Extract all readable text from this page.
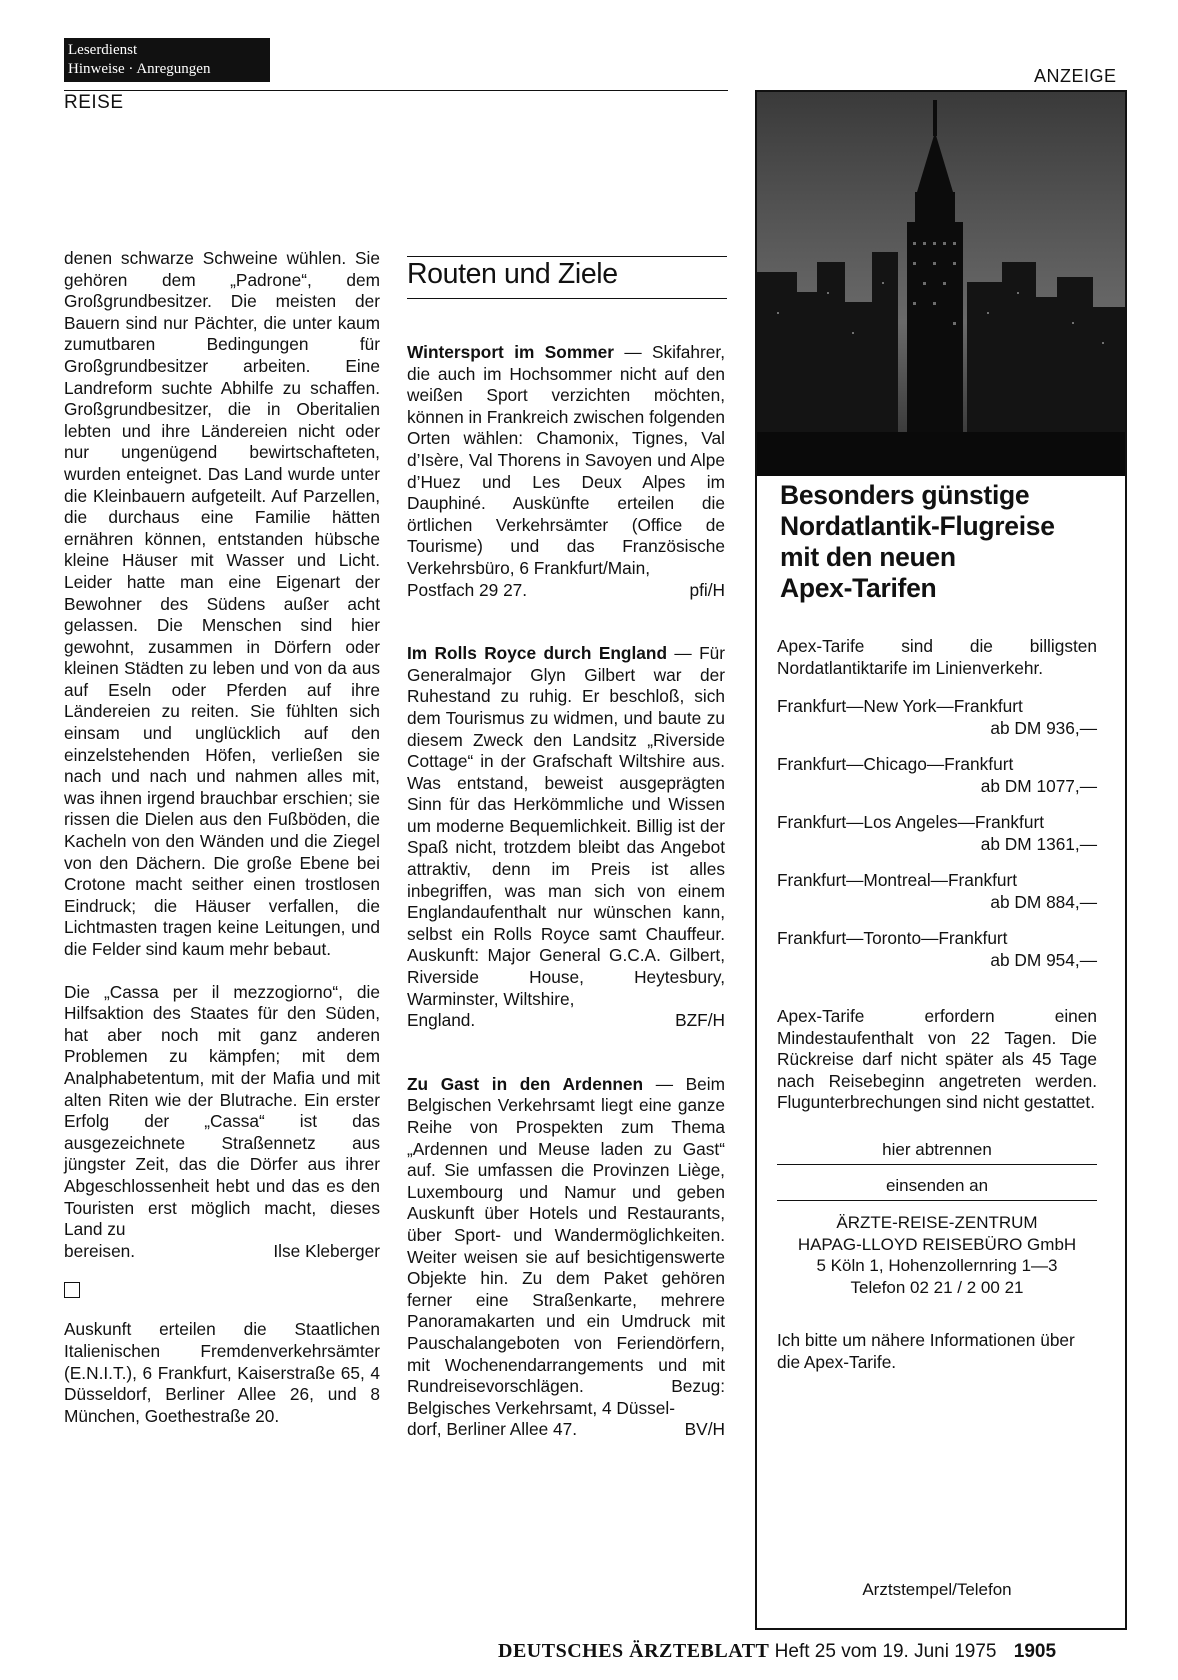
Leserdienst
Hinweise · Anregungen
REISE
ANZEIGE

denen schwarze Schweine wühlen. Sie gehören dem „Padrone“, dem Großgrundbesitzer. Die meisten der Bauern sind nur Pächter, die unter kaum zumutbaren Bedingungen für Großgrundbesitzer arbeiten. Eine Landreform suchte Abhilfe zu schaffen. Großgrundbesitzer, die in Oberitalien lebten und ihre Ländereien nicht oder nur ungenügend bewirtschafteten, wurden enteignet. Das Land wurde unter die Kleinbauern aufgeteilt. Auf Parzellen, die durchaus eine Familie hätten ernähren können, entstanden hübsche kleine Häuser mit Wasser und Licht. Leider hatte man eine Eigenart der Bewohner des Südens außer acht gelassen. Die Menschen sind hier gewohnt, zusammen in Dörfern oder kleinen Städten zu leben und von da aus auf Eseln oder Pferden auf ihre Ländereien zu reiten. Sie fühlten sich einsam und unglücklich auf den einzelstehenden Höfen, verließen sie nach und nach und nahmen alles mit, was ihnen irgend brauchbar erschien; sie rissen die Dielen aus den Fußböden, die Kacheln von den Wänden und die Ziegel von den Dächern. Die große Ebene bei Crotone macht seither einen trostlosen Eindruck; die Häuser verfallen, die Lichtmasten tragen keine Leitungen, und die Felder sind kaum mehr bebaut.

Die „Cassa per il mezzogiorno“, die Hilfsaktion des Staates für den Süden, hat aber noch mit ganz anderen Problemen zu kämpfen; mit dem Analphabetentum, mit der Mafia und mit alten Riten wie der Blutrache. Ein erster Erfolg der „Cassa“ ist das ausgezeichnete Straßennetz aus jüngster Zeit, das die Dörfer aus ihrer Abgeschlossenheit hebt und das es den Touristen erst möglich macht, dieses Land zu

bereisen.	Ilse Kleberger

Auskunft erteilen die Staatlichen Italienischen Fremdenverkehrsämter (E.N.I.T.), 6 Frankfurt, Kaiserstraße 65, 4 Düsseldorf, Berliner Allee 26, und 8 München, Goethestraße 20.

Routen und Ziele

Wintersport im Sommer — Skifahrer, die auch im Hochsommer nicht auf den weißen Sport verzichten möchten, können in Frankreich zwischen folgenden Orten wählen: Chamonix, Tignes, Val d’Isère, Val Thorens in Savoyen und Alpe d’Huez und Les Deux Alpes im Dauphiné. Auskünfte erteilen die örtlichen Verkehrsämter (Office de Tourisme) und das Französische Verkehrsbüro, 6 Frankfurt/Main,

Postfach 29 27.	pfi/H

Im Rolls Royce durch England — Für Generalmajor Glyn Gilbert war der Ruhestand zu ruhig. Er beschloß, sich dem Tourismus zu widmen, und baute zu diesem Zweck den Landsitz „Riverside Cottage“ in der Grafschaft Wiltshire aus. Was entstand, beweist ausgeprägten Sinn für das Herkömmliche und Wissen um moderne Bequemlichkeit. Billig ist der Spaß nicht, trotzdem bleibt das Angebot attraktiv, denn im Preis ist alles inbegriffen, was man sich von einem Englandaufenthalt nur wünschen kann, selbst ein Rolls Royce samt Chauffeur. Auskunft: Major General G.C.A. Gilbert, Riverside House, Heytesbury, Warminster, Wiltshire,

England.	BZF/H

Zu Gast in den Ardennen — Beim Belgischen Verkehrsamt liegt eine ganze Reihe von Prospekten zum Thema „Ardennen und Meuse laden zu Gast“ auf. Sie umfassen die Provinzen Liège, Luxembourg und Namur und geben Auskunft über Hotels und Restaurants, über Sport- und Wandermöglichkeiten. Weiter weisen sie auf besichtigenswerte Objekte hin. Zu dem Paket gehören ferner eine Straßenkarte, mehrere Panoramakarten und ein Umdruck mit Pauschalangeboten von Feriendörfern, mit Wochenendarrangements und mit Rundreisevorschlägen. Bezug: Belgisches Verkehrsamt, 4 Düssel-

dorf, Berliner Allee 47.	BV/H
Besonders günstige
Nordatlantik-Flugreise
mit den neuen
Apex-Tarifen
Apex-Tarife sind die billigsten Nordatlantiktarife im Linienverkehr.
Frankfurt—New York—Frankfurt
ab DM 936,—
Frankfurt—Chicago—Frankfurt
ab DM 1077,—
Frankfurt—Los Angeles—Frankfurt
ab DM 1361,—
Frankfurt—Montreal—Frankfurt
ab DM 884,—
Frankfurt—Toronto—Frankfurt
ab DM 954,—
Apex-Tarife erfordern einen Mindestaufenthalt von 22 Tagen. Die Rückreise darf nicht später als 45 Tage nach Reisebeginn angetreten werden. Flugunterbrechungen sind nicht gestattet.
hier abtrennen
einsenden an
ÄRZTE-REISE-ZENTRUM
HAPAG-LLOYD REISEBÜRO GmbH
5 Köln 1, Hohenzollernring 1—3
Telefon 02 21 / 2 00 21
Ich bitte um nähere Informationen über die Apex-Tarife.
Arztstempel/Telefon
DEUTSCHES ÄRZTEBLATT Heft 25 vom 19. Juni 1975 1905
